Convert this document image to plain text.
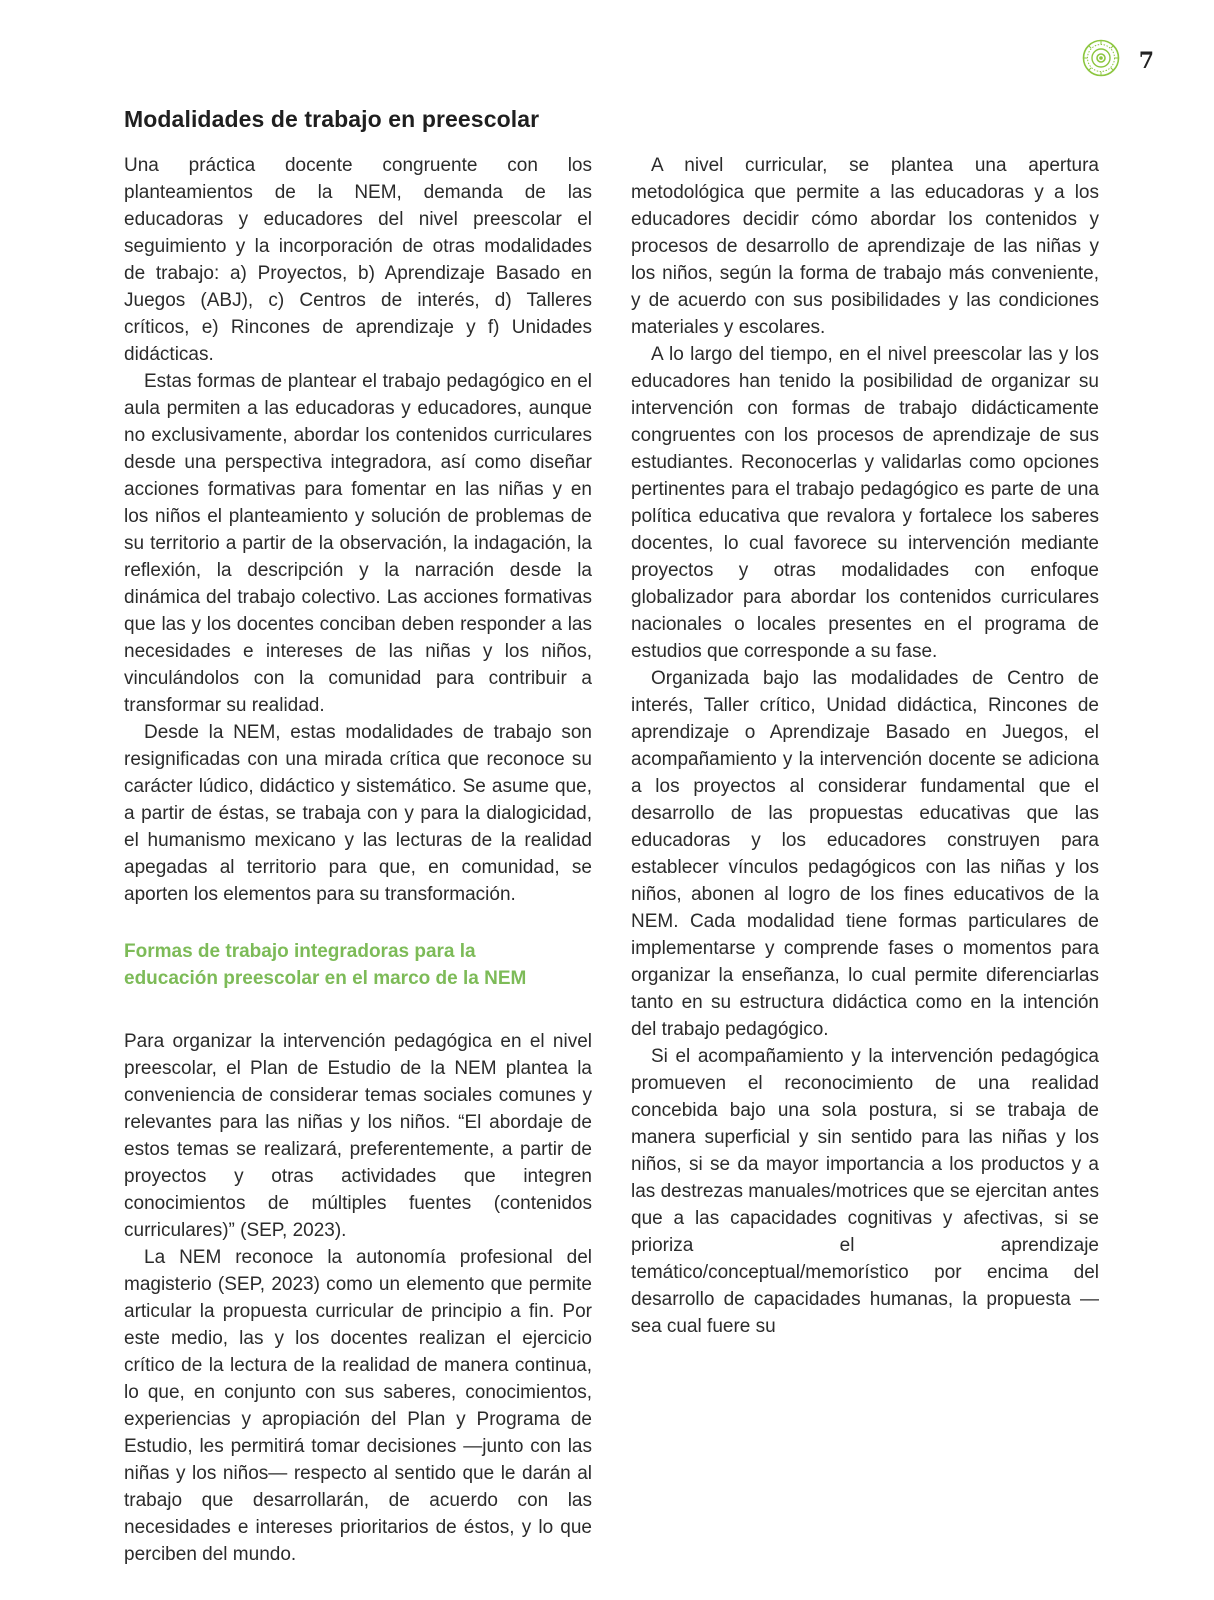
7
Modalidades de trabajo en preescolar

Una práctica docente congruente con los planteamientos de la NEM, demanda de las educadoras y educadores del nivel preescolar el seguimiento y la incorporación de otras modalidades de trabajo: a) Proyectos, b) Aprendizaje Basado en Juegos (ABJ), c) Centros de interés, d) Talleres críticos, e) Rincones de aprendizaje y f) Unidades didácticas.

Estas formas de plantear el trabajo pedagógico en el aula permiten a las educadoras y educadores, aunque no exclusivamente, abordar los contenidos curriculares desde una perspectiva integradora, así como diseñar acciones formativas para fomentar en las niñas y en los niños el planteamiento y solución de problemas de su territorio a partir de la observación, la indagación, la reflexión, la descripción y la narración desde la dinámica del trabajo colectivo. Las acciones formativas que las y los docentes conciban deben responder a las necesidades e intereses de las niñas y los niños, vinculándolos con la comunidad para contribuir a transformar su realidad.

Desde la NEM, estas modalidades de trabajo son resignificadas con una mirada crítica que reconoce su carácter lúdico, didáctico y sistemático. Se asume que, a partir de éstas, se trabaja con y para la dialogicidad, el humanismo mexicano y las lecturas de la realidad apegadas al territorio para que, en comunidad, se aporten los elementos para su transformación.

Formas de trabajo integradoras para la
educación preescolar en el marco de la NEM

Para organizar la intervención pedagógica en el nivel preescolar, el Plan de Estudio de la NEM plantea la conveniencia de considerar temas sociales comunes y relevantes para las niñas y los niños. “El abordaje de estos temas se realizará, preferentemente, a partir de proyectos y otras actividades que integren conocimientos de múltiples fuentes (contenidos curriculares)” (SEP, 2023).

La NEM reconoce la autonomía profesional del magisterio (SEP, 2023) como un elemento que permite articular la propuesta curricular de principio a fin. Por este medio, las y los docentes realizan el ejercicio crítico de la lectura de la realidad de manera continua, lo que, en conjunto con sus saberes, conocimientos, experiencias y apropiación del Plan y Programa de Estudio, les permitirá tomar decisiones —junto con las niñas y los niños— respecto al sentido que le darán al trabajo que desarrollarán, de acuerdo con las necesidades e intereses prioritarios de éstos, y lo que perciben del mundo.

A nivel curricular, se plantea una apertura metodológica que permite a las educadoras y a los educadores decidir cómo abordar los contenidos y procesos de desarrollo de aprendizaje de las niñas y los niños, según la forma de trabajo más conveniente, y de acuerdo con sus posibilidades y las condiciones materiales y escolares.

A lo largo del tiempo, en el nivel preescolar las y los educadores han tenido la posibilidad de organizar su intervención con formas de trabajo didácticamente congruentes con los procesos de aprendizaje de sus estudiantes. Reconocerlas y validarlas como opciones pertinentes para el trabajo pedagógico es parte de una política educativa que revalora y fortalece los saberes docentes, lo cual favorece su intervención mediante proyectos y otras modalidades con enfoque globalizador para abordar los contenidos curriculares nacionales o locales presentes en el programa de estudios que corresponde a su fase.

Organizada bajo las modalidades de Centro de interés, Taller crítico, Unidad didáctica, Rincones de aprendizaje o Aprendizaje Basado en Juegos, el acompañamiento y la intervención docente se adiciona a los proyectos al considerar fundamental que el desarrollo de las propuestas educativas que las educadoras y los educadores construyen para establecer vínculos pedagógicos con las niñas y los niños, abonen al logro de los fines educativos de la NEM. Cada modalidad tiene formas particulares de implementarse y comprende fases o momentos para organizar la enseñanza, lo cual permite diferenciarlas tanto en su estructura didáctica como en la intención del trabajo pedagógico.

Si el acompañamiento y la intervención pedagógica promueven el reconocimiento de una realidad concebida bajo una sola postura, si se trabaja de manera superficial y sin sentido para las niñas y los niños, si se da mayor importancia a los productos y a las destrezas manuales/motrices que se ejercitan antes que a las capacidades cognitivas y afectivas, si se prioriza el aprendizaje temático/conceptual/memorístico por encima del desarrollo de capacidades humanas, la propuesta —sea cual fuere su
